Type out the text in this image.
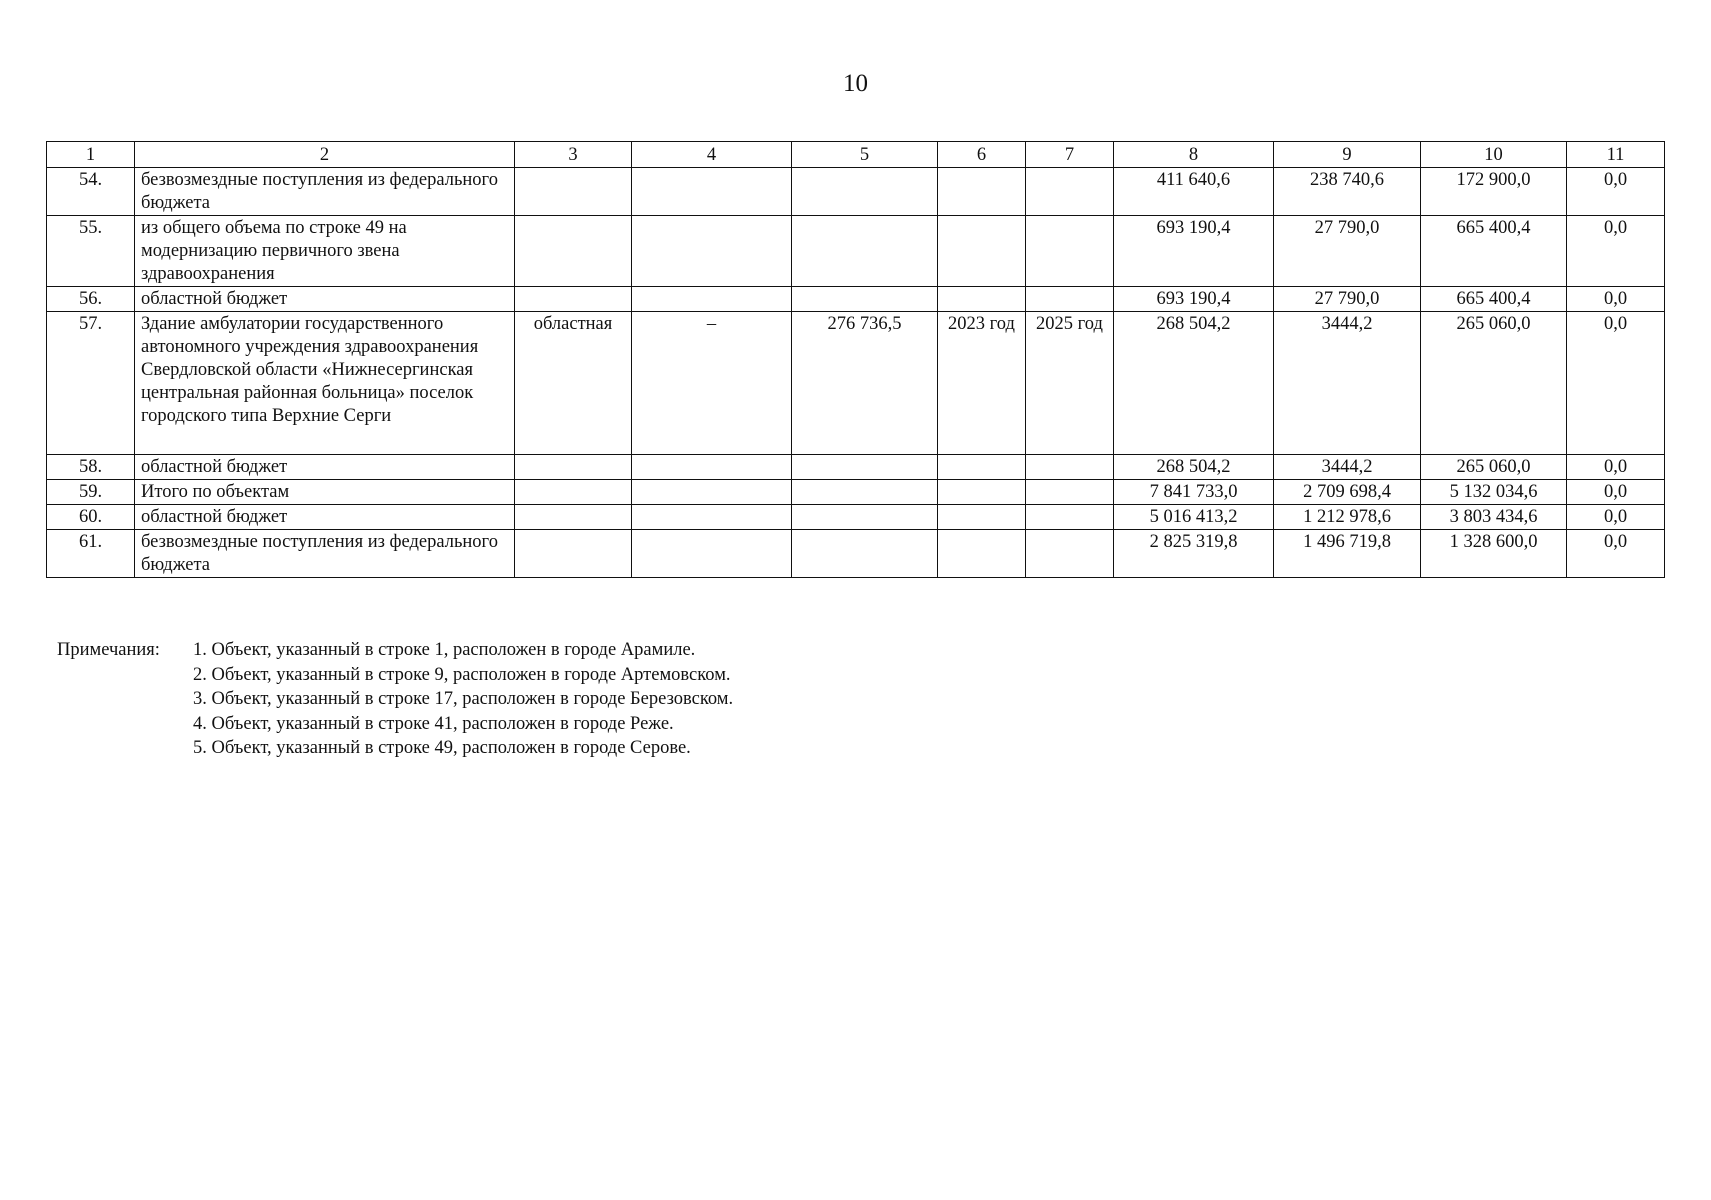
10
1	2	3	4	5	6	7	8	9	10	11
54.	безвозмездные поступления из федерального бюджета						411 640,6	238 740,6	172 900,0	0,0
55.	из общего объема по строке 49 на модернизацию первичного звена здравоохранения						693 190,4	27 790,0	665 400,4	0,0
56.	областной бюджет						693 190,4	27 790,0	665 400,4	0,0
57.	Здание амбулатории государственного автономного учреждения здравоохранения Свердловской области «Нижнесергинская центральная районная больница» поселок городского типа Верхние Серги	областная	–	276 736,5	2023 год	2025 год	268 504,2	3444,2	265 060,0	0,0
58.	областной бюджет						268 504,2	3444,2	265 060,0	0,0
59.	Итого по объектам						7 841 733,0	2 709 698,4	5 132 034,6	0,0
60.	областной бюджет						5 016 413,2	1 212 978,6	3 803 434,6	0,0
61.	безвозмездные поступления из федерального бюджета						2 825 319,8	1 496 719,8	1 328 600,0	0,0
Примечания: 1. Объект, указанный в строке 1, расположен в городе Арамиле.
2. Объект, указанный в строке 9, расположен в городе Артемовском.
3. Объект, указанный в строке 17, расположен в городе Березовском.
4. Объект, указанный в строке 41, расположен в городе Реже.
5. Объект, указанный в строке 49, расположен в городе Серове.
